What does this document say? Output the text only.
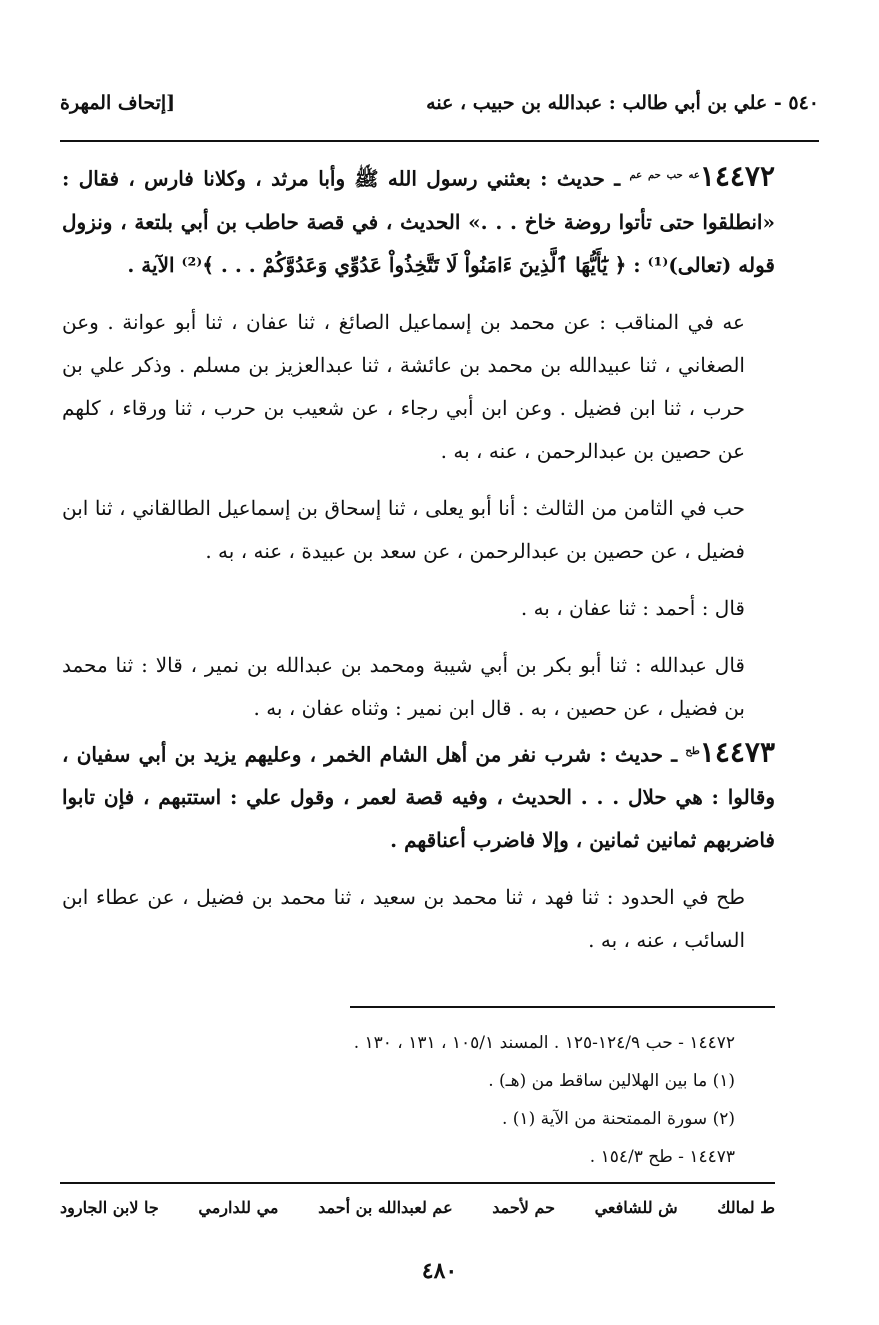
٥٤٠ - علي بن أبي طالب : عبدالله بن حبيب ، عنه
[إتحاف المهرة

$١٤٤٧٢^{عه حب حم عم}$ ـ حديث : بعثني رسول الله ﷺ وأبا مرثد ، وكلانا فارس ، فقال : «انطلقوا حتى تأتوا روضة خاخ . . .» الحديث ، في قصة حاطب بن أبي بلتعة ، ونزول قوله (تعالى)⁽¹⁾ : ﴿ يَٰٓأَيُّهَا ٱلَّذِينَ ءَامَنُواْ لَا تَتَّخِذُواْ عَدُوِّي وَعَدُوَّكُمْ . . . ﴾⁽²⁾ الآية .

عه في المناقب : عن محمد بن إسماعيل الصائغ ، ثنا عفان ، ثنا أبو عوانة . وعن الصغاني ، ثنا عبيدالله بن محمد بن عائشة ، ثنا عبدالعزيز بن مسلم . وذكر علي بن حرب ، ثنا ابن فضيل . وعن ابن أبي رجاء ، عن شعيب بن حرب ، ثنا ورقاء ، كلهم عن حصين بن عبدالرحمن ، عنه ، به .

حب في الثامن من الثالث : أنا أبو يعلى ، ثنا إسحاق بن إسماعيل الطالقاني ، ثنا ابن فضيل ، عن حصين بن عبدالرحمن ، عن سعد بن عبيدة ، عنه ، به .

قال : أحمد : ثنا عفان ، به .

قال عبدالله : ثنا أبو بكر بن أبي شيبة ومحمد بن عبدالله بن نمير ، قالا : ثنا محمد بن فضيل ، عن حصين ، به . قال ابن نمير : وثناه عفان ، به .

$١٤٤٧٣^{طح}$ ـ حديث : شرب نفر من أهل الشام الخمر ، وعليهم يزيد بن أبي سفيان ، وقالوا : هي حلال . . . الحديث ، وفيه قصة لعمر ، وقول علي : استتبهم ، فإن تابوا فاضربهم ثمانين ثمانين ، وإلا فاضرب أعناقهم .

طح في الحدود : ثنا فهد ، ثنا محمد بن سعيد ، ثنا محمد بن فضيل ، عن عطاء ابن السائب ، عنه ، به .

١٤٤٧٢ - حب ١٢٤/٩-١٢٥ . المسند ١٠٥/١ ، ١٣١ ، ١٣٠ .
(١) ما بين الهلالين ساقط من (هـ) .
(٢) سورة الممتحنة من الآية (١) .
١٤٤٧٣ - طح ١٥٤/٣ .
ط لمالك
ش للشافعي
حم لأحمد
عم لعبدالله بن أحمد
مي للدارمي
جا لابن الجارود
٤٨٠
